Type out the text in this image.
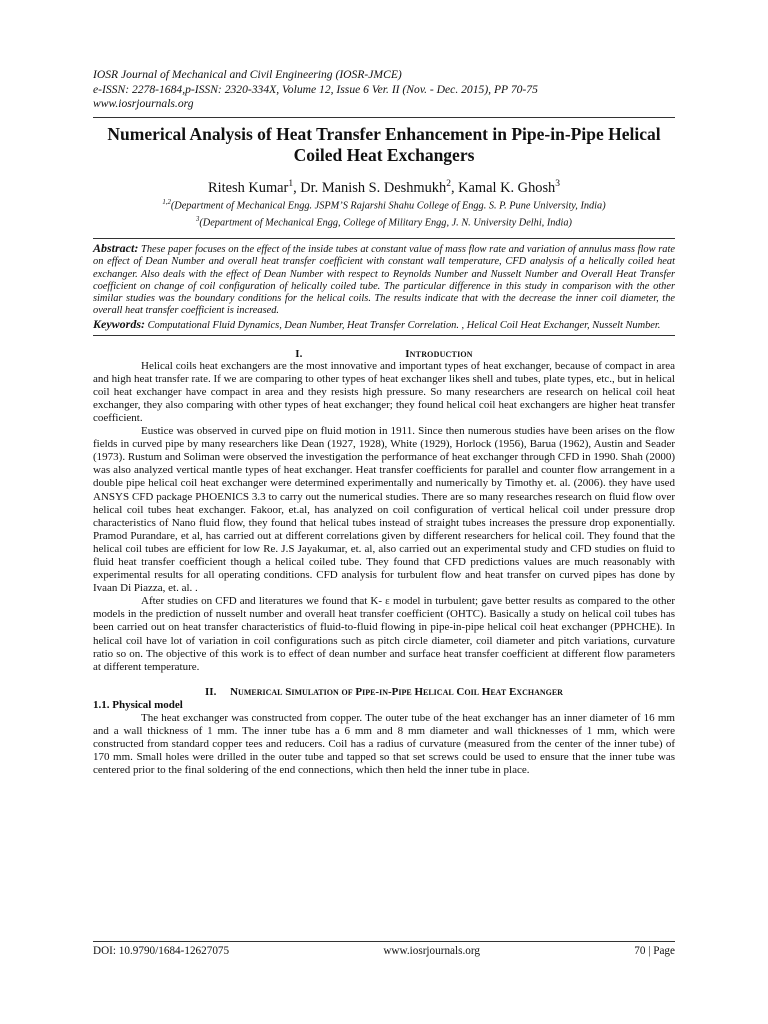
IOSR Journal of Mechanical and Civil Engineering (IOSR-JMCE)
e-ISSN: 2278-1684,p-ISSN: 2320-334X, Volume 12, Issue 6 Ver. II (Nov. - Dec. 2015), PP 70-75
www.iosrjournals.org
Numerical Analysis of Heat Transfer Enhancement in Pipe-in-Pipe Helical Coiled Heat Exchangers
Ritesh Kumar$^1$, Dr. Manish S. Deshmukh$^2$, Kamal K. Ghosh$^3$
$^{1,2}$(Department of Mechanical Engg. JSPM’S Rajarshi Shahu College of Engg. S. P. Pune University, India)
$^3$(Department of Mechanical Engg, College of Military Engg, J. N. University Delhi, India)
Abstract: These paper focuses on the effect of the inside tubes at constant value of mass flow rate and variation of annulus mass flow rate on effect of Dean Number and overall heat transfer coefficient with constant wall temperature, CFD analysis of a helically coiled heat exchanger. Also deals with the effect of Dean Number with respect to Reynolds Number and Nusselt Number and Overall Heat Transfer coefficient on change of coil configuration of helically coiled tube. The particular difference in this study in comparison with the other similar studies was the boundary conditions for the helical coils. The results indicate that with the decrease the inner coil diameter, the overall heat transfer coefficient is increased.
Keywords: Computational Fluid Dynamics, Dean Number, Heat Transfer Correlation. , Helical Coil Heat Exchanger, Nusselt Number.
I.	Introduction

Helical coils heat exchangers are the most innovative and important types of heat exchanger, because of compact in area and high heat transfer rate. If we are comparing to other types of heat exchanger likes shell and tubes, plate types, etc., but in helical coil heat exchanger have compact in area and they resists high pressure. So many researchers are research on helical coil heat exchanger, they also comparing with other types of heat exchanger; they found helical coil heat exchangers are higher heat transfer coefficient.

Eustice was observed in curved pipe on fluid motion in 1911. Since then numerous studies have been arises on the flow fields in curved pipe by many researchers like Dean (1927, 1928), White (1929), Horlock (1956), Barua (1962), Austin and Seader (1973). Rustum and Soliman were observed the investigation the performance of heat exchanger through CFD in 1990. Shah (2000) was also analyzed vertical mantle types of heat exchanger. Heat transfer coefficients for parallel and counter flow arrangement in a double pipe helical coil heat exchanger were determined experimentally and numerically by Timothy et. al. (2006). they have used ANSYS CFD package PHOENICS 3.3 to carry out the numerical studies. There are so many researches research on fluid flow over helical coil tubes heat exchanger. Fakoor, et.al, has analyzed on coil configuration of vertical helical coil under pressure drop characteristics of Nano fluid flow, they found that helical tubes instead of straight tubes increases the pressure drop exponentially. Pramod Purandare, et al, has carried out at different correlations given by different researchers for helical coil. They found that the helical coil tubes are efficient for low Re. J.S Jayakumar, et. al, also carried out an experimental study and CFD studies on fluid to fluid heat transfer coefficient though a helical coiled tube. They found that CFD predictions values are much reasonably with experimental results for all operating conditions. CFD analysis for turbulent flow and heat transfer on curved pipes has done by Ivaan Di Piazza, et. al. .

After studies on CFD and literatures we found that K- ε model in turbulent; gave better results as compared to the other models in the prediction of nusselt number and overall heat transfer coefficient (OHTC). Basically a study on helical coil tubes has been carried out on heat transfer characteristics of fluid-to-fluid flowing in pipe-in-pipe helical coil heat exchanger (PPHCHE). In helical coil have lot of variation in coil configurations such as pitch circle diameter, coil diameter and pitch variations, curvature ratio so on. The objective of this work is to effect of dean number and surface heat transfer coefficient at different flow parameters at different temperature.

II. Numerical Simulation of Pipe-in-Pipe Helical Coil Heat Exchanger
1.1. Physical model

The heat exchanger was constructed from copper. The outer tube of the heat exchanger has an inner diameter of 16 mm and a wall thickness of 1 mm. The inner tube has a 6 mm and 8 mm diameter and wall thicknesses of 1 mm, which were constructed from standard copper tees and reducers. Coil has a radius of curvature (measured from the center of the inner tube) of 170 mm. Small holes were drilled in the outer tube and tapped so that set screws could be used to ensure that the inner tube was centered prior to the final soldering of the end connections, which then held the inner tube in place.

DOI: 10.9790/1684-12627075	www.iosrjournals.org	70 | Page
